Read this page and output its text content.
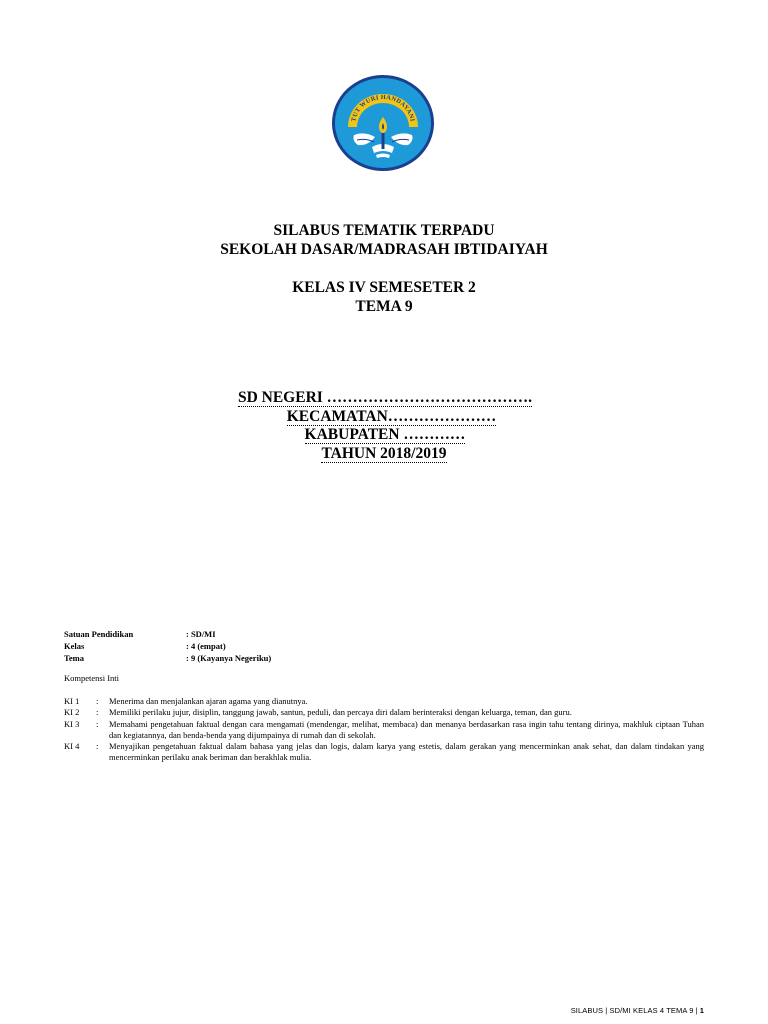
TUT WURI HANDAYANI
SILABUS TEMATIK TERPADU
SEKOLAH DASAR/MADRASAH IBTIDAIYAH
KELAS IV SEMESETER 2
TEMA 9
SD NEGERI ………………………………….
KECAMATAN…………………
KABUPATEN …………
TAHUN 2018/2019
Satuan Pendidikan	: SD/MI
Kelas	: 4 (empat)
Tema	: 9 (Kayanya Negeriku)
Kompetensi Inti
KI 1	:	Menerima dan menjalankan ajaran agama yang dianutnya.
KI 2	:	Memiliki perilaku jujur, disiplin, tanggung jawab, santun, peduli, dan percaya diri dalam berinteraksi dengan keluarga, teman, dan guru.
KI 3	:	Memahami pengetahuan faktual dengan cara mengamati (mendengar, melihat, membaca) dan menanya berdasarkan rasa ingin tahu tentang dirinya, makhluk ciptaan Tuhan dan kegiatannya, dan benda-benda yang dijumpainya di rumah dan di sekolah.
KI 4	:	Menyajikan pengetahuan faktual dalam bahasa yang jelas dan logis, dalam karya yang estetis, dalam gerakan yang mencerminkan anak sehat, dan dalam tindakan yang mencerminkan perilaku anak beriman dan berakhlak mulia.
SILABUS | SD/MI KELAS 4 TEMA 9 | 1
